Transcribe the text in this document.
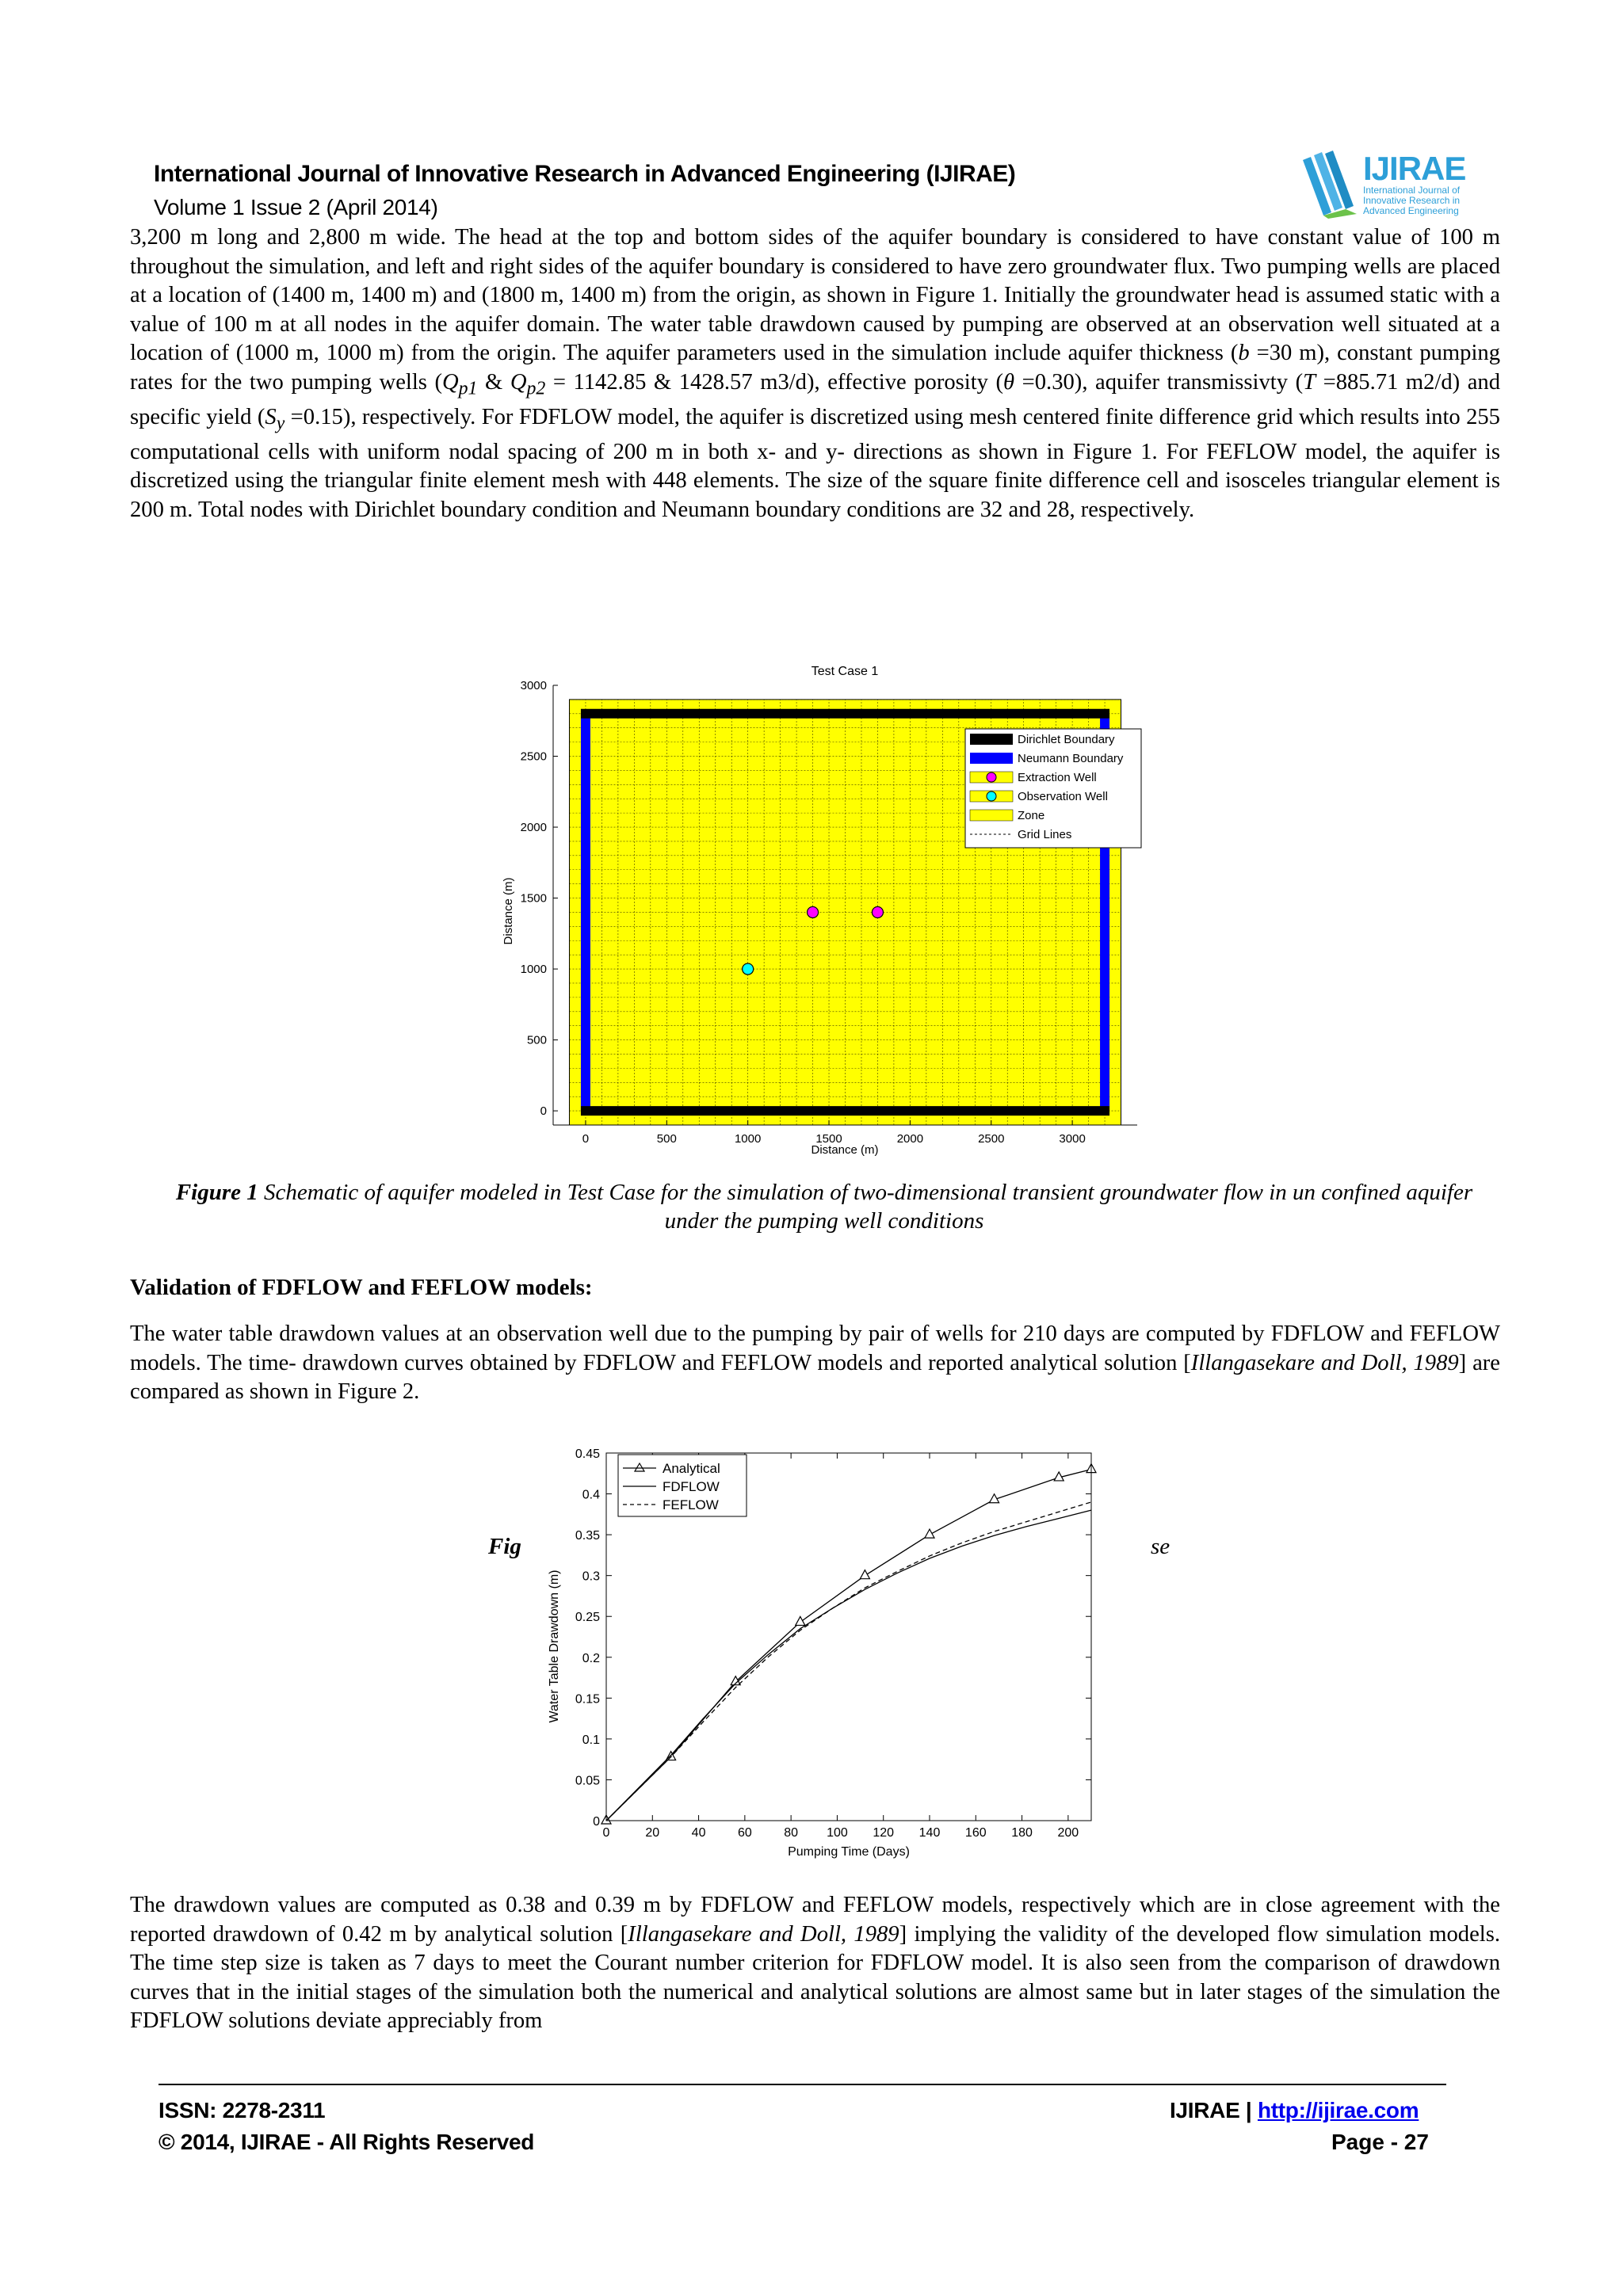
International Journal of Innovative Research in Advanced Engineering (IJIRAE)
Volume 1 Issue 2 (April 2014)
IJIRAE
International Journal of Innovative Research in Advanced Engineering
3,200 m long and 2,800 m wide. The head at the top and bottom sides of the aquifer boundary is considered to have constant value of 100 m throughout the simulation, and left and right sides of the aquifer boundary is considered to have zero groundwater flux. Two pumping wells are placed at a location of (1400 m, 1400 m) and (1800 m, 1400 m) from the origin, as shown in Figure 1. Initially the groundwater head is assumed static with a value of 100 m at all nodes in the aquifer domain. The water table drawdown caused by pumping are observed at an observation well situated at a location of (1000 m, 1000 m) from the origin. The aquifer parameters used in the simulation include aquifer thickness (b =30 m), constant pumping rates for the two pumping wells ($Q_{p1}$ & $Q_{p2} = 1142.85$ & 1428.57 m3/d), effective porosity (θ =0.30), aquifer transmissivty (T =885.71 m2/d) and specific yield $(S_y =0.15)$, respectively. For FDFLOW model, the aquifer is discretized using mesh centered finite difference grid which results into 255 computational cells with uniform nodal spacing of 200 m in both x- and y- directions as shown in Figure 1. For FEFLOW model, the aquifer is discretized using the triangular finite element mesh with 448 elements. The size of the square finite difference cell and isosceles triangular element is 200 m. Total nodes with Dirichlet boundary condition and Neumann boundary conditions are 32 and 28, respectively.
Test Case 1
0	500	1000	1500	2000	2500	3000
0
500
1000
1500
2000
2500
3000
Distance (m)
Distance (m)
Dirichlet Boundary
Neumann Boundary
Extraction Well
Observation Well
Zone
Grid Lines
Figure 1 Schematic of aquifer modeled in Test Case for the simulation of two-dimensional transient groundwater flow in un confined aquifer under the pumping well conditions
Validation of FDFLOW and FEFLOW models:
The water table drawdown values at an observation well due to the pumping by pair of wells for 210 days are computed by FDFLOW and FEFLOW models. The time- drawdown curves obtained by FDFLOW and FEFLOW models and reported analytical solution [Illangasekare and Doll, 1989] are compared as shown in Figure 2.
Fig	se
0	20	40	60	80 100 120 140 160 180 200
0
0.05
0.1
0.15
0.2
0.25
0.3
0.35
0.4
0.45
Pumping Time (Days)
Water Table Drawdown (m)
Analytical
FDFLOW
FEFLOW
The drawdown values are computed as 0.38 and 0.39 m by FDFLOW and FEFLOW models, respectively which are in close agreement with the reported drawdown of 0.42 m by analytical solution [Illangasekare and Doll, 1989] implying the validity of the developed flow simulation models. The time step size is taken as 7 days to meet the Courant number criterion for FDFLOW model. It is also seen from the comparison of drawdown curves that in the initial stages of the simulation both the numerical and analytical solutions are almost same but in later stages of the simulation the FDFLOW solutions deviate appreciably from
ISSN: 2278-2311
© 2014, IJIRAE - All Rights Reserved
IJIRAE | http://ijirae.com
Page - 27
